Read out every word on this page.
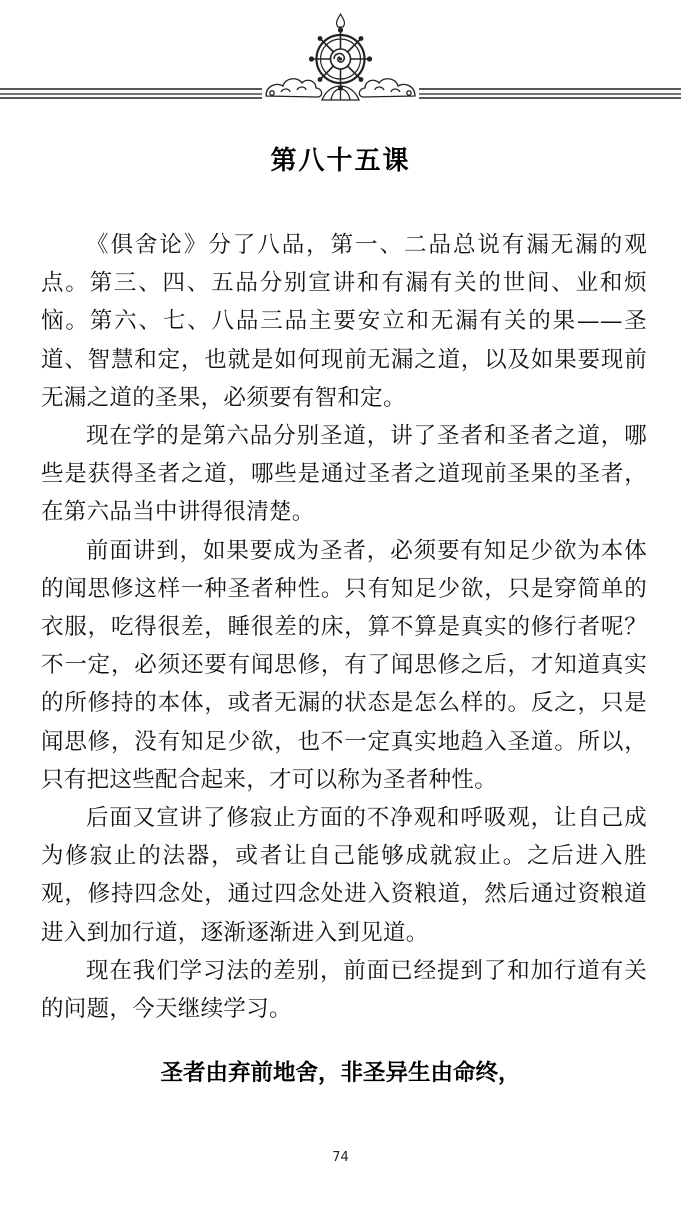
第八十五课

《俱舍论》分了八品，第一、二品总说有漏无漏的观点。第三、四、五品分别宣讲和有漏有关的世间、业和烦恼。第六、七、八品三品主要安立和无漏有关的果——圣道、智慧和定，也就是如何现前无漏之道，以及如果要现前无漏之道的圣果，必须要有智和定。

现在学的是第六品分别圣道，讲了圣者和圣者之道，哪些是获得圣者之道，哪些是通过圣者之道现前圣果的圣者，在第六品当中讲得很清楚。

前面讲到，如果要成为圣者，必须要有知足少欲为本体的闻思修这样一种圣者种性。只有知足少欲，只是穿简单的衣服，吃得很差，睡很差的床，算不算是真实的修行者呢？不一定，必须还要有闻思修，有了闻思修之后，才知道真实的所修持的本体，或者无漏的状态是怎么样的。反之，只是闻思修，没有知足少欲，也不一定真实地趋入圣道。所以，只有把这些配合起来，才可以称为圣者种性。

后面又宣讲了修寂止方面的不净观和呼吸观，让自己成为修寂止的法器，或者让自己能够成就寂止。之后进入胜观，修持四念处，通过四念处进入资粮道，然后通过资粮道进入到加行道，逐渐逐渐进入到见道。

现在我们学习法的差别，前面已经提到了和加行道有关的问题，今天继续学习。

圣者由弃前地舍，非圣异生由命终，
74
